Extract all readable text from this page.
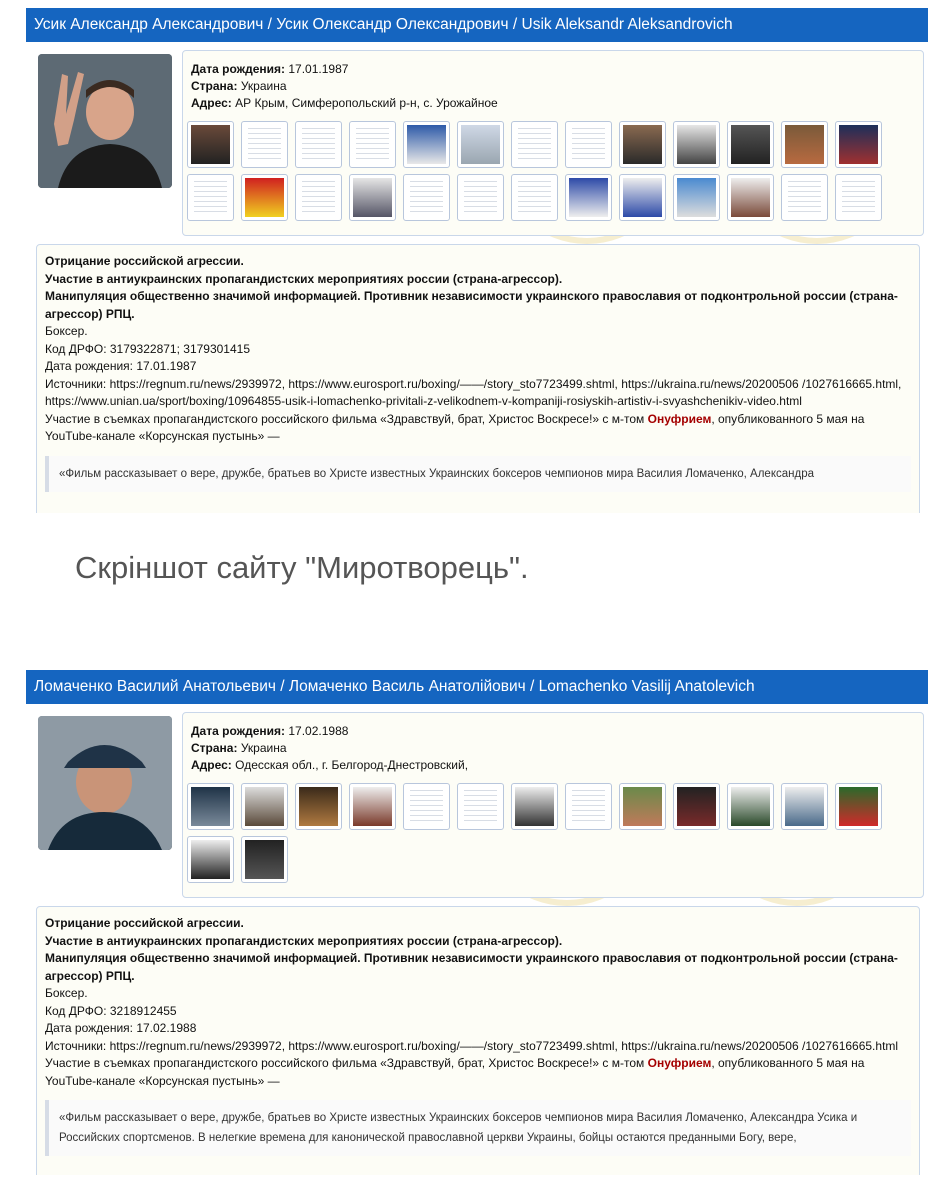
Усик Александр Александрович / Усик Олександр Олександрович / Usik Aleksandr Aleksandrovich
Дата рождения: 17.01.1987
Страна: Украина
Адрес: АР Крым, Симферопольский р-н, с. Урожайное

Отрицание российской агрессии.

Участие в антиукраинских пропагандистских мероприятиях россии (страна-агрессор).

Манипуляция общественно значимой информацией. Противник независимости украинского православия от подконтрольной россии (страна-агрессор) РПЦ.

Боксер.

Код ДРФО: 3179322871; 3179301415

Дата рождения: 17.01.1987

Источники: https://regnum.ru/news/2939972, https://www.eurosport.ru/boxing/——/story_sto7723499.shtml, https://ukraina.ru/news/20200506 /1027616665.html, https://www.unian.ua/sport/boxing/10964855-usik-i-lomachenko-privitali-z-velikodnem-v-kompaniji-rosiyskih-artistiv-i-svyashchenikiv-video.html

Участие в съемках пропагандистского российского фильма «Здравствуй, брат, Христос Воскресе!» с м-том Онуфрием, опубликованного 5 мая на YouTube-канале «Корсунская пустынь» —

«Фильм рассказывает о вере, дружбе, братьев во Христе известных Украинских боксеров чемпионов мира Василия Ломаченко, Александра
Скріншот сайту "Миротворець".
Ломаченко Василий Анатольевич / Ломаченко Василь Анатолійович / Lomachenko Vasilij Anatolevich
Дата рождения: 17.02.1988
Страна: Украина
Адрес: Одесская обл., г. Белгород-Днестровский,

Отрицание российской агрессии.

Участие в антиукраинских пропагандистских мероприятиях россии (страна-агрессор).

Манипуляция общественно значимой информацией. Противник независимости украинского православия от подконтрольной россии (страна-агрессор) РПЦ.

Боксер.

Код ДРФО: 3218912455

Дата рождения: 17.02.1988

Источники: https://regnum.ru/news/2939972, https://www.eurosport.ru/boxing/——/story_sto7723499.shtml, https://ukraina.ru/news/20200506 /1027616665.html

Участие в съемках пропагандистского российского фильма «Здравствуй, брат, Христос Воскресе!» с м-том Онуфрием, опубликованного 5 мая на YouTube-канале «Корсунская пустынь» —

«Фильм рассказывает о вере, дружбе, братьев во Христе известных Украинских боксеров чемпионов мира Василия Ломаченко, Александра Усика и Российских спортсменов. В нелегкие времена для канонической православной церкви Украины, бойцы остаются преданными Богу, вере,
